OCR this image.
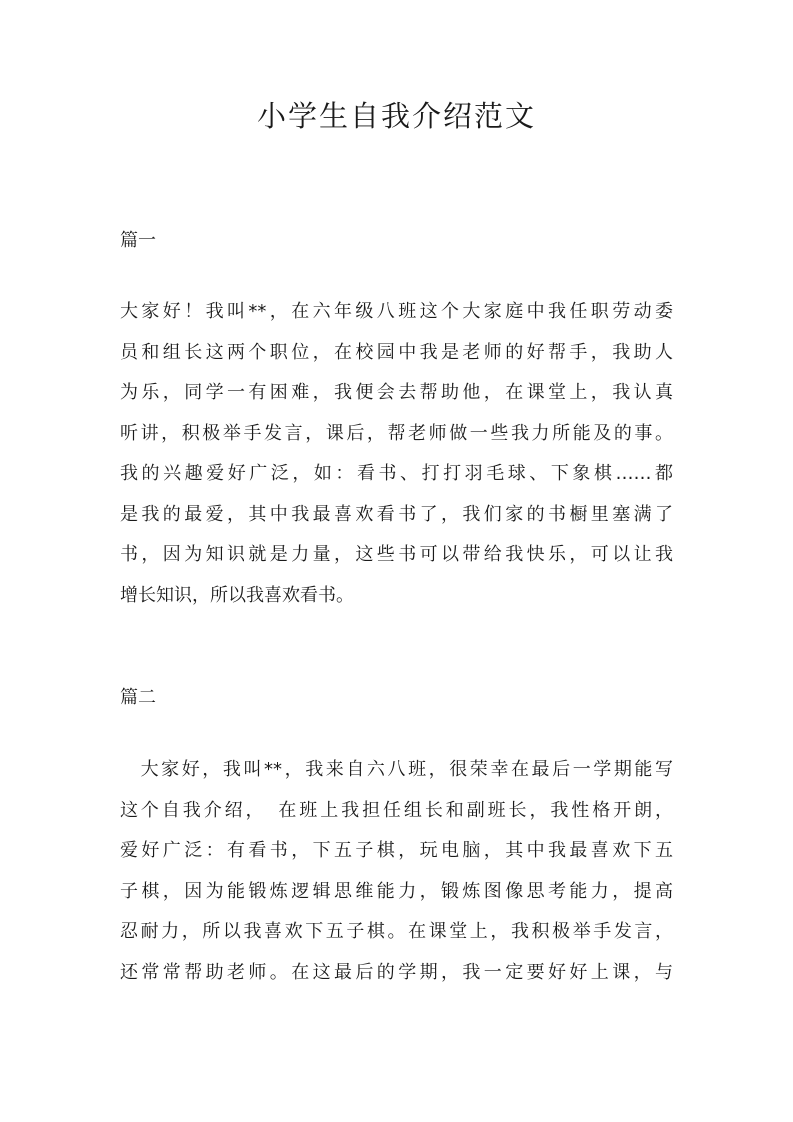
小学生自我介绍范文
篇一
大家好！我叫**，在六年级八班这个大家庭中我任职劳动委
员和组长这两个职位，在校园中我是老师的好帮手，我助人
为乐，同学一有困难，我便会去帮助他，在课堂上，我认真
听讲，积极举手发言，课后，帮老师做一些我力所能及的事。
我的兴趣爱好广泛，如：看书、打打羽毛球、下象棋……都
是我的最爱，其中我最喜欢看书了，我们家的书橱里塞满了
书，因为知识就是力量，这些书可以带给我快乐，可以让我
增长知识，所以我喜欢看书。
篇二
　大家好，我叫**，我来自六八班，很荣幸在最后一学期能写
这个自我介绍，　在班上我担任组长和副班长，我性格开朗，
爱好广泛：有看书，下五子棋，玩电脑，其中我最喜欢下五
子棋，因为能锻炼逻辑思维能力，锻炼图像思考能力，提高
忍耐力，所以我喜欢下五子棋。在课堂上，我积极举手发言，
还常常帮助老师。在这最后的学期，我一定要好好上课，与
